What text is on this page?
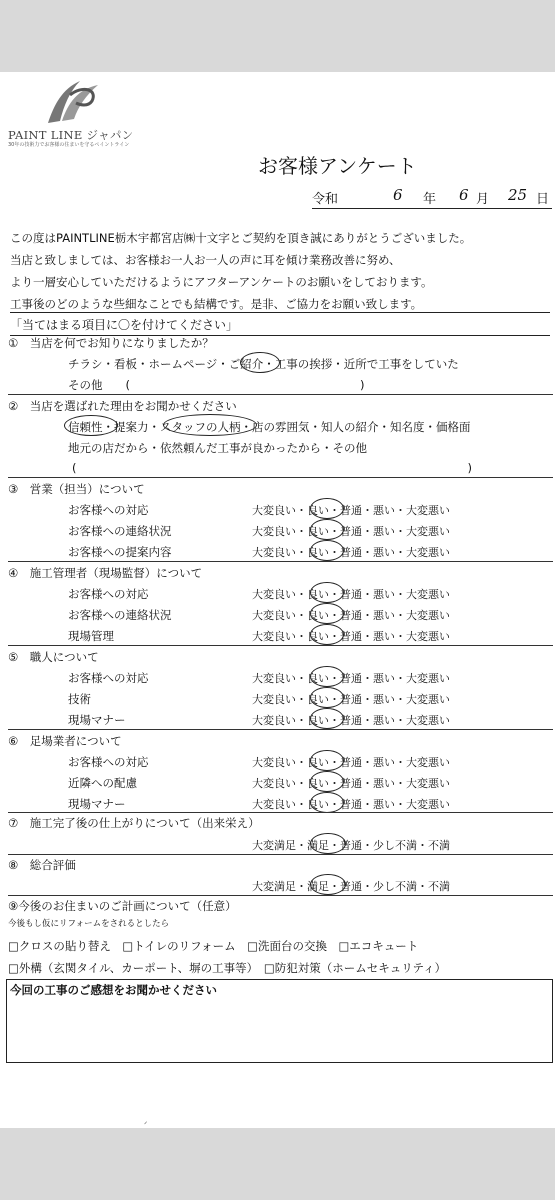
PAINT LINE ジャパン
30年の技術力でお客様の住まいを守るペイントライン
お客様アンケート
令和	6 年 6 月 25 日
この度はPAINTLINE栃木宇都宮店㈱十文字とご契約を頂き誠にありがとうございました。
当店と致しましては、お客様お一人お一人の声に耳を傾け業務改善に努め、
より一層安心していただけるようにアフターアンケートのお願いをしております。
工事後のどのような些細なことでも結構です。是非、ご協力をお願い致します。
「当てはまる項目に〇を付けてください」
①　当店を何でお知りになりましたか？
チラシ・看板・ホームページ・ご紹介・工事の挨拶・近所で工事をしていた
その他　　(　　　　　　　　　　　　　　　　　　　　)
②　当店を選ばれた理由をお聞かせください
信頼性・提案力・スタッフの人柄・店の雰囲気・知人の紹介・知名度・価格面
地元の店だから・依然頼んだ工事が良かったから・その他
(　　　　　　　　　　　　　　　　　　　　　　　　　　　　　　　　　　)
③　営業（担当）について
お客様への対応	大変良い・良い・普通・悪い・大変悪い
お客様への連絡状況	大変良い・良い・普通・悪い・大変悪い
お客様への提案内容	大変良い・良い・普通・悪い・大変悪い
④　施工管理者（現場監督）について
お客様への対応	大変良い・良い・普通・悪い・大変悪い
お客様への連絡状況	大変良い・良い・普通・悪い・大変悪い
現場管理	大変良い・良い・普通・悪い・大変悪い
⑤　職人について
お客様への対応	大変良い・良い・普通・悪い・大変悪い
技術	大変良い・良い・普通・悪い・大変悪い
現場マナー	大変良い・良い・普通・悪い・大変悪い
⑥　足場業者について
お客様への対応	大変良い・良い・普通・悪い・大変悪い
近隣への配慮	大変良い・良い・普通・悪い・大変悪い
現場マナー	大変良い・良い・普通・悪い・大変悪い
⑦　施工完了後の仕上がりについて（出来栄え）
大変満足・満足・普通・少し不満・不満
⑧　総合評価
大変満足・満足・普通・少し不満・不満
⑨今後のお住まいのご計画について（任意）
今後もし仮にリフォームをされるとしたら
□クロスの貼り替え　□トイレのリフォーム　□洗面台の交換　□エコキュート
□外構（玄関タイル、カーポート、塀の工事等）　□防犯対策（ホームセキュリティ）
今回の工事のご感想をお聞かせください
ᐟ
